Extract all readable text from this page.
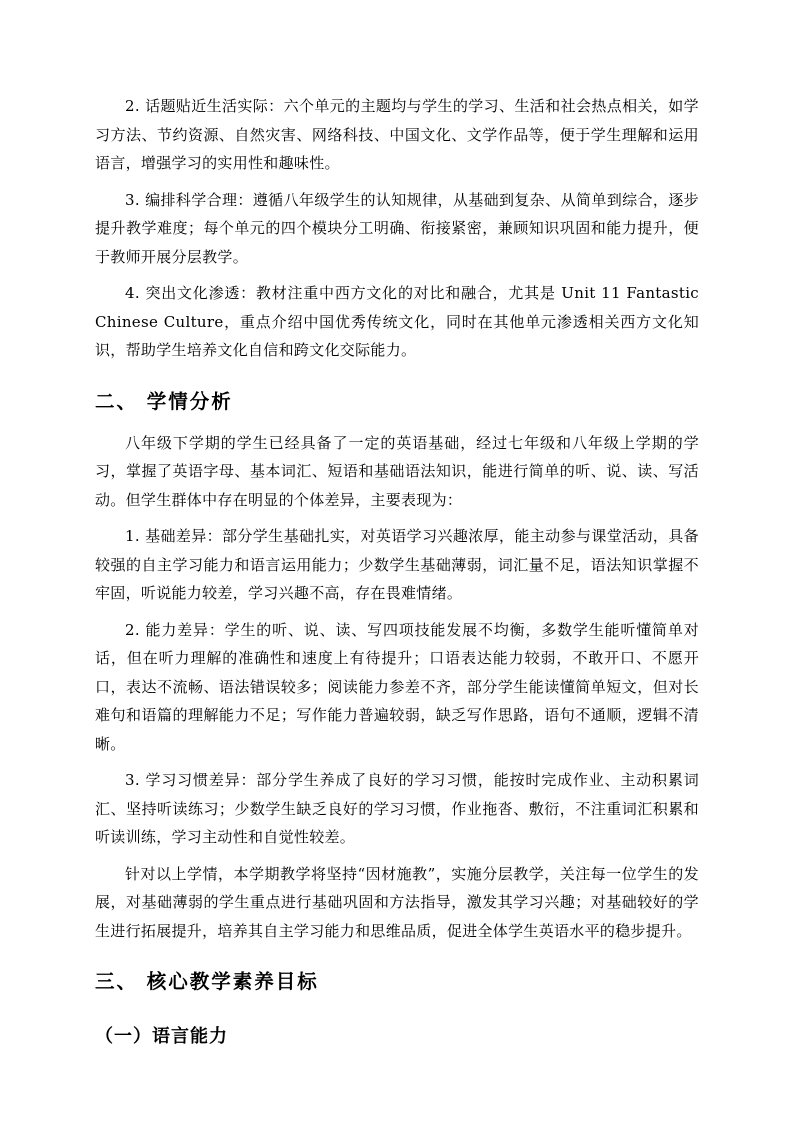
2. 话题贴近生活实际：六个单元的主题均与学生的学习、生活和社会热点相关，如学习方法、节约资源、自然灾害、网络科技、中国文化、文学作品等，便于学生理解和运用语言，增强学习的实用性和趣味性。

3. 编排科学合理：遵循八年级学生的认知规律，从基础到复杂、从简单到综合，逐步提升教学难度；每个单元的四个模块分工明确、衔接紧密，兼顾知识巩固和能力提升，便于教师开展分层教学。

4. 突出文化渗透：教材注重中西方文化的对比和融合，尤其是 Unit 11 Fantastic Chinese Culture，重点介绍中国优秀传统文化，同时在其他单元渗透相关西方文化知识，帮助学生培养文化自信和跨文化交际能力。

二、 学情分析

八年级下学期的学生已经具备了一定的英语基础，经过七年级和八年级上学期的学习，掌握了英语字母、基本词汇、短语和基础语法知识，能进行简单的听、说、读、写活动。但学生群体中存在明显的个体差异，主要表现为：

1. 基础差异：部分学生基础扎实，对英语学习兴趣浓厚，能主动参与课堂活动，具备较强的自主学习能力和语言运用能力；少数学生基础薄弱，词汇量不足，语法知识掌握不牢固，听说能力较差，学习兴趣不高，存在畏难情绪。

2. 能力差异：学生的听、说、读、写四项技能发展不均衡，多数学生能听懂简单对话，但在听力理解的准确性和速度上有待提升；口语表达能力较弱，不敢开口、不愿开口，表达不流畅、语法错误较多；阅读能力参差不齐，部分学生能读懂简单短文，但对长难句和语篇的理解能力不足；写作能力普遍较弱，缺乏写作思路，语句不通顺，逻辑不清晰。

3. 学习习惯差异：部分学生养成了良好的学习习惯，能按时完成作业、主动积累词汇、坚持听读练习；少数学生缺乏良好的学习习惯，作业拖沓、敷衍，不注重词汇积累和听读训练，学习主动性和自觉性较差。

针对以上学情，本学期教学将坚持“因材施教”，实施分层教学，关注每一位学生的发展，对基础薄弱的学生重点进行基础巩固和方法指导，激发其学习兴趣；对基础较好的学生进行拓展提升，培养其自主学习能力和思维品质，促进全体学生英语水平的稳步提升。

三、 核心教学素养目标
（一）语言能力
